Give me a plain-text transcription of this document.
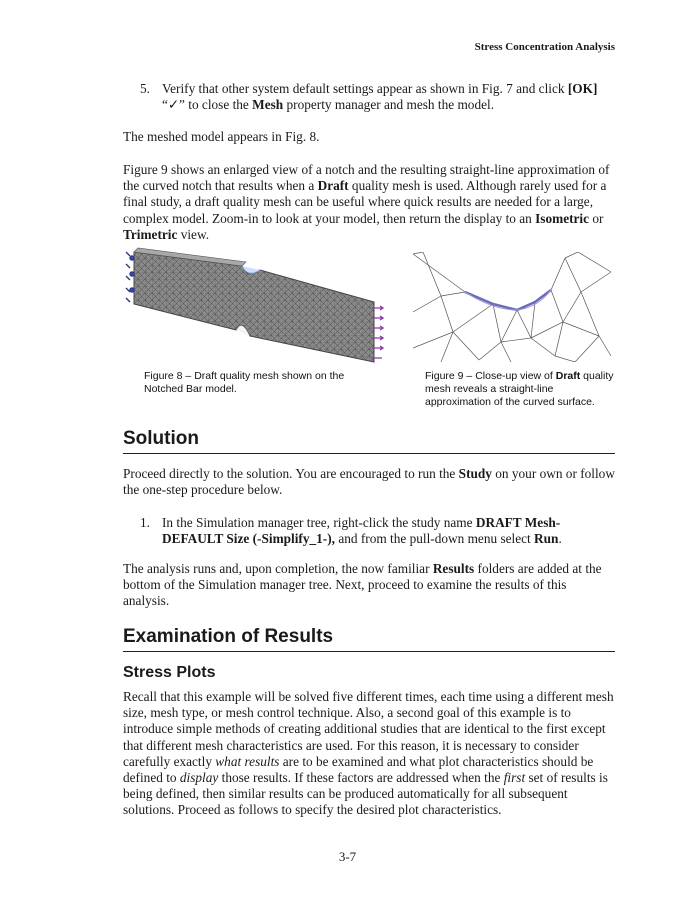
Stress Concentration Analysis
5. Verify that other system default settings appear as shown in Fig. 7 and click [OK] “✓” to close the Mesh property manager and mesh the model.
The meshed model appears in Fig. 8.
Figure 9 shows an enlarged view of a notch and the resulting straight-line approximation of the curved notch that results when a Draft quality mesh is used. Although rarely used for a final study, a draft quality mesh can be useful where quick results are needed for a large, complex model. Zoom-in to look at your model, then return the display to an Isometric or Trimetric view.
Figure 8 – Draft quality mesh shown on the Notched Bar model.
Figure 9 – Close-up view of Draft quality mesh reveals a straight-line approximation of the curved surface.
Solution
Proceed directly to the solution. You are encouraged to run the Study on your own or follow the one-step procedure below.
1. In the Simulation manager tree, right-click the study name DRAFT Mesh-DEFAULT Size (-Simplify_1-), and from the pull-down menu select Run.
The analysis runs and, upon completion, the now familiar Results folders are added at the bottom of the Simulation manager tree. Next, proceed to examine the results of this analysis.
Examination of Results
Stress Plots
Recall that this example will be solved five different times, each time using a different mesh size, mesh type, or mesh control technique. Also, a second goal of this example is to introduce simple methods of creating additional studies that are identical to the first except that different mesh characteristics are used. For this reason, it is necessary to consider carefully exactly what results are to be examined and what plot characteristics should be defined to display those results. If these factors are addressed when the first set of results is being defined, then similar results can be produced automatically for all subsequent solutions. Proceed as follows to specify the desired plot characteristics.
3-7
